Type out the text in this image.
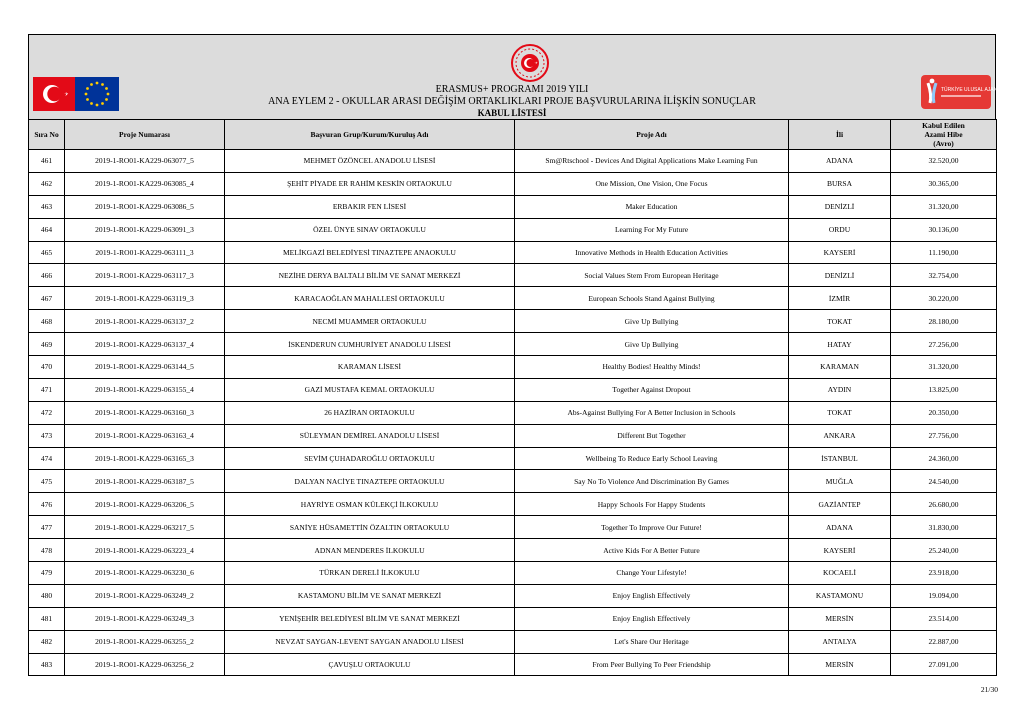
TÜRKİYE ULUSAL AJANSI
ERASMUS+ PROGRAMI 2019 YILI
ANA EYLEM 2 - OKULLAR ARASI DEĞİŞİM ORTAKLIKLARI PROJE BAŞVURULARINA İLİŞKİN SONUÇLAR
KABUL LİSTESİ
Sıra No	Proje Numarası	Başvuran Grup/Kurum/Kuruluş Adı	Proje Adı	İli	Kabul Edilen
Azami Hibe
(Avro)
461	2019-1-RO01-KA229-063077_5	MEHMET ÖZÖNCEL ANADOLU LİSESİ	Sm@Rtschool - Devices And Digital Applications Make Learning Fun	ADANA	32.520,00
462	2019-1-RO01-KA229-063085_4	ŞEHİT PİYADE ER RAHİM KESKİN ORTAOKULU	One Mission, One Vision, One Focus	BURSA	30.365,00
463	2019-1-RO01-KA229-063086_5	ERBAKIR FEN LİSESİ	Maker Education	DENİZLİ	31.320,00
464	2019-1-RO01-KA229-063091_3	ÖZEL ÜNYE SINAV ORTAOKULU	Learning For My Future	ORDU	30.136,00
465	2019-1-RO01-KA229-063111_3	MELİKGAZİ BELEDİYESİ TINAZTEPE ANAOKULU	Innovative Methods in Health Education Activities	KAYSERİ	11.190,00
466	2019-1-RO01-KA229-063117_3	NEZİHE DERYA BALTALI BİLİM VE SANAT MERKEZİ	Social Values Stem From European Heritage	DENİZLİ	32.754,00
467	2019-1-RO01-KA229-063119_3	KARACAOĞLAN MAHALLESİ ORTAOKULU	European Schools Stand Against Bullying	İZMİR	30.220,00
468	2019-1-RO01-KA229-063137_2	NECMİ MUAMMER ORTAOKULU	Give Up Bullying	TOKAT	28.180,00
469	2019-1-RO01-KA229-063137_4	İSKENDERUN CUMHURİYET ANADOLU LİSESİ	Give Up Bullying	HATAY	27.256,00
470	2019-1-RO01-KA229-063144_5	KARAMAN LİSESİ	Healthy Bodies! Healthy Minds!	KARAMAN	31.320,00
471	2019-1-RO01-KA229-063155_4	GAZİ MUSTAFA KEMAL ORTAOKULU	Together Against Dropout	AYDIN	13.825,00
472	2019-1-RO01-KA229-063160_3	26 HAZİRAN ORTAOKULU	Abs-Against Bullying For A Better Inclusion in Schools	TOKAT	20.350,00
473	2019-1-RO01-KA229-063163_4	SÜLEYMAN DEMİREL ANADOLU LİSESİ	Different But Together	ANKARA	27.756,00
474	2019-1-RO01-KA229-063165_3	SEVİM ÇUHADAROĞLU ORTAOKULU	Wellbeing To Reduce Early School Leaving	İSTANBUL	24.360,00
475	2019-1-RO01-KA229-063187_5	DALYAN NACİYE TINAZTEPE ORTAOKULU	Say No To Violence And Discrimination By Games	MUĞLA	24.540,00
476	2019-1-RO01-KA229-063206_5	HAYRİYE OSMAN KÜLEKÇİ İLKOKULU	Happy Schools For Happy Students	GAZİANTEP	26.680,00
477	2019-1-RO01-KA229-063217_5	SANİYE HÜSAMETTİN ÖZALTIN ORTAOKULU	Together To Improve Our Future!	ADANA	31.830,00
478	2019-1-RO01-KA229-063223_4	ADNAN MENDERES İLKOKULU	Active Kids For A Better Future	KAYSERİ	25.240,00
479	2019-1-RO01-KA229-063230_6	TÜRKAN DERELİ İLKOKULU	Change Your Lifestyle!	KOCAELİ	23.918,00
480	2019-1-RO01-KA229-063249_2	KASTAMONU BİLİM VE SANAT MERKEZİ	Enjoy English Effectively	KASTAMONU	19.094,00
481	2019-1-RO01-KA229-063249_3	YENİŞEHİR BELEDİYESİ BİLİM VE SANAT MERKEZİ	Enjoy English Effectively	MERSİN	23.514,00
482	2019-1-RO01-KA229-063255_2	NEVZAT SAYGAN-LEVENT SAYGAN ANADOLU LİSESİ	Let's Share Our Heritage	ANTALYA	22.887,00
483	2019-1-RO01-KA229-063256_2	ÇAVUŞLU ORTAOKULU	From Peer Bullying To Peer Friendship	MERSİN	27.091,00
21/30
